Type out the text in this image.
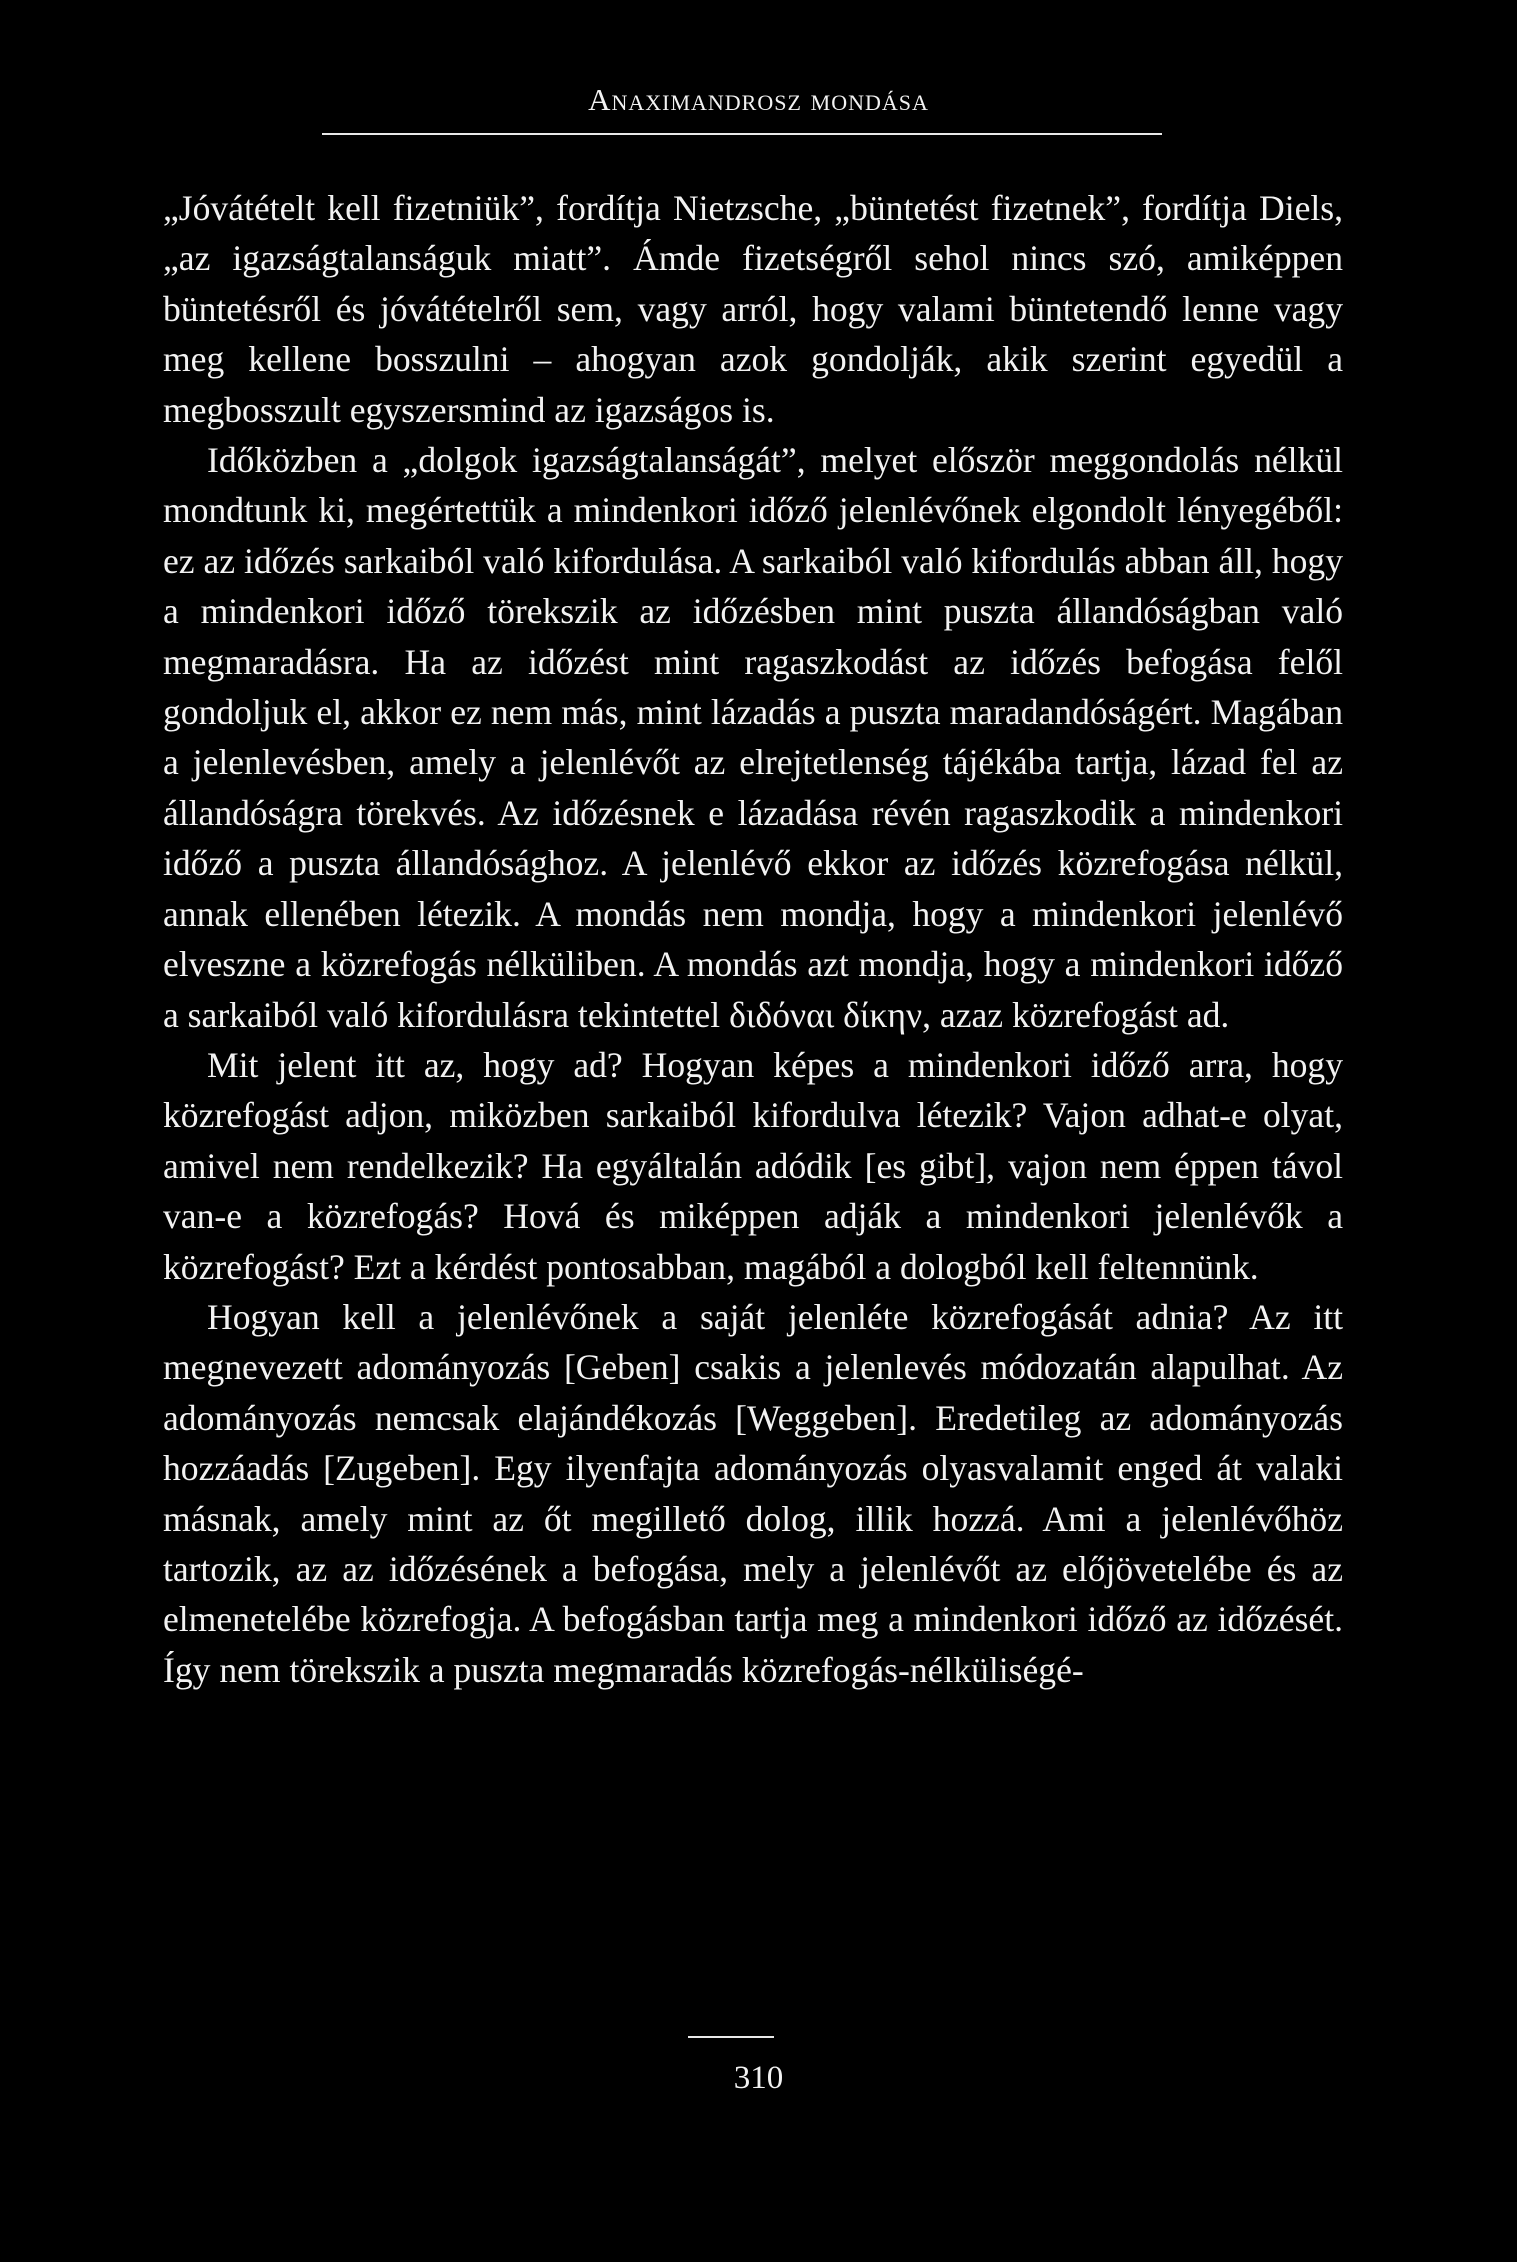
Anaximandrosz mondása

„Jóvátételt kell fizetniük”, fordítja Nietzsche, „büntetést fizetnek”, fordítja Diels, „az igazságtalanságuk miatt”. Ámde fizetségről sehol nincs szó, amiképpen büntetésről és jóvátételről sem, vagy arról, hogy valami büntetendő lenne vagy meg kellene bosszulni – ahogyan azok gondolják, akik szerint egyedül a megbosszult egyszersmind az igazságos is.

Időközben a „dolgok igazságtalanságát”, melyet először meggondolás nélkül mondtunk ki, megértettük a mindenkori időző jelenlévőnek elgondolt lényegéből: ez az időzés sarkaiból való kifordulása. A sarkaiból való kifordulás abban áll, hogy a mindenkori időző törekszik az időzésben mint puszta állandóságban való megmaradásra. Ha az időzést mint ragaszkodást az időzés befogása felől gondoljuk el, akkor ez nem más, mint lázadás a puszta maradandóságért. Magában a jelenlevésben, amely a jelenlévőt az elrejtetlenség tájékába tartja, lázad fel az állandóságra törekvés. Az időzésnek e lázadása révén ragaszkodik a mindenkori időző a puszta állandósághoz. A jelenlévő ekkor az időzés közrefogása nélkül, annak ellenében létezik. A mondás nem mondja, hogy a mindenkori jelenlévő elveszne a közrefogás nélküliben. A mondás azt mondja, hogy a mindenkori időző a sarkaiból való kifordulásra tekintettel διδόναι δίκην, azaz közrefogást ad.

Mit jelent itt az, hogy ad? Hogyan képes a mindenkori időző arra, hogy közrefogást adjon, miközben sarkaiból kifordulva létezik? Vajon adhat-e olyat, amivel nem rendelkezik? Ha egyáltalán adódik [es gibt], vajon nem éppen távol van-e a közrefogás? Hová és miképpen adják a mindenkori jelenlévők a közrefogást? Ezt a kérdést pontosabban, magából a dologból kell feltennünk.

Hogyan kell a jelenlévőnek a saját jelenléte közrefogását adnia? Az itt megnevezett adományozás [Geben] csakis a jelenlevés módozatán alapulhat. Az adományozás nemcsak elajándékozás [Weggeben]. Eredetileg az adományozás hozzáadás [Zugeben]. Egy ilyenfajta adományozás olyasvalamit enged át valaki másnak, amely mint az őt megillető dolog, illik hozzá. Ami a jelenlévőhöz tartozik, az az időzésének a befogása, mely a jelenlévőt az előjövetelébe és az elmenetelébe közrefogja. A befogásban tartja meg a mindenkori időző az időzését. Így nem törekszik a puszta megmaradás közrefogás-nélküliségé-

310
